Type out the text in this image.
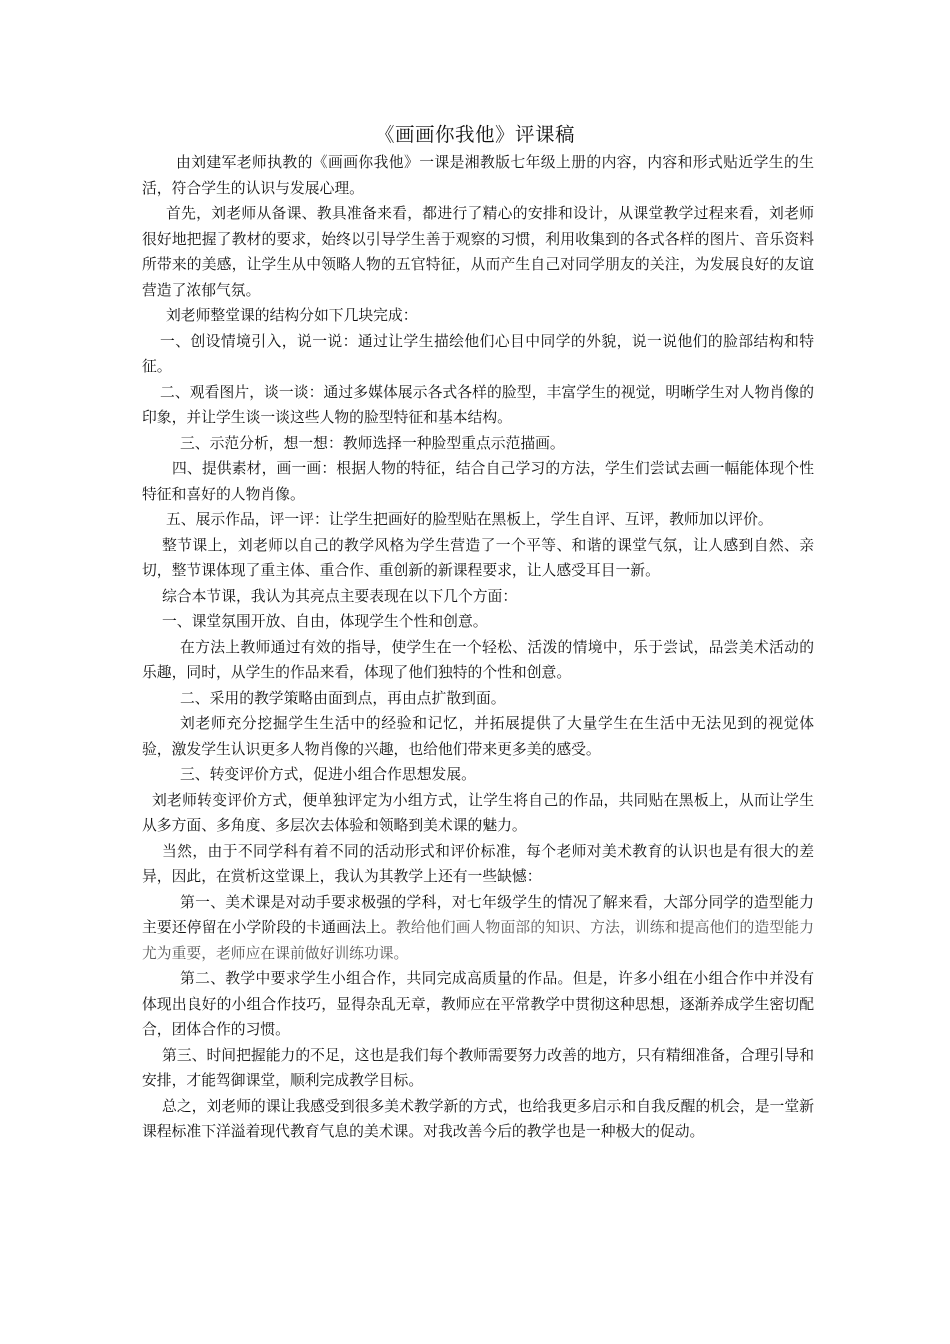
《画画你我他》评课稿

由刘建军老师执教的《画画你我他》一课是湘教版七年级上册的内容，内容和形式贴近学生的生活，符合学生的认识与发展心理。

首先，刘老师从备课、教具准备来看，都进行了精心的安排和设计，从课堂教学过程来看，刘老师很好地把握了教材的要求，始终以引导学生善于观察的习惯，利用收集到的各式各样的图片、音乐资料所带来的美感，让学生从中领略人物的五官特征，从而产生自己对同学朋友的关注，为发展良好的友谊营造了浓郁气氛。

刘老师整堂课的结构分如下几块完成：

一、创设情境引入，说一说：通过让学生描绘他们心目中同学的外貌，说一说他们的脸部结构和特征。

二、观看图片，谈一谈：通过多媒体展示各式各样的脸型，丰富学生的视觉，明晰学生对人物肖像的印象，并让学生谈一谈这些人物的脸型特征和基本结构。

三、示范分析，想一想：教师选择一种脸型重点示范描画。

四、提供素材，画一画：根据人物的特征，结合自己学习的方法，学生们尝试去画一幅能体现个性特征和喜好的人物肖像。

五、展示作品，评一评：让学生把画好的脸型贴在黑板上，学生自评、互评，教师加以评价。

整节课上，刘老师以自己的教学风格为学生营造了一个平等、和谐的课堂气氛，让人感到自然、亲切，整节课体现了重主体、重合作、重创新的新课程要求，让人感受耳目一新。

综合本节课，我认为其亮点主要表现在以下几个方面：

一、课堂氛围开放、自由，体现学生个性和创意。

在方法上教师通过有效的指导，使学生在一个轻松、活泼的情境中，乐于尝试，品尝美术活动的乐趣，同时，从学生的作品来看，体现了他们独特的个性和创意。

二、采用的教学策略由面到点，再由点扩散到面。

刘老师充分挖掘学生生活中的经验和记忆，并拓展提供了大量学生在生活中无法见到的视觉体验，激发学生认识更多人物肖像的兴趣，也给他们带来更多美的感受。

三、转变评价方式，促进小组合作思想发展。

刘老师转变评价方式，便单独评定为小组方式，让学生将自己的作品，共同贴在黑板上，从而让学生从多方面、多角度、多层次去体验和领略到美术课的魅力。

当然，由于不同学科有着不同的活动形式和评价标准，每个老师对美术教育的认识也是有很大的差异，因此，在赏析这堂课上，我认为其教学上还有一些缺憾：

第一、美术课是对动手要求极强的学科，对七年级学生的情况了解来看，大部分同学的造型能力主要还停留在小学阶段的卡通画法上。教给他们画人物面部的知识、方法，训练和提高他们的造型能力尤为重要，老师应在课前做好训练功课。

第二、教学中要求学生小组合作，共同完成高质量的作品。但是，许多小组在小组合作中并没有体现出良好的小组合作技巧，显得杂乱无章，教师应在平常教学中贯彻这种思想，逐渐养成学生密切配合，团体合作的习惯。

第三、时间把握能力的不足，这也是我们每个教师需要努力改善的地方，只有精细准备，合理引导和安排，才能驾御课堂，顺利完成教学目标。

总之，刘老师的课让我感受到很多美术教学新的方式，也给我更多启示和自我反醒的机会，是一堂新课程标准下洋溢着现代教育气息的美术课。对我改善今后的教学也是一种极大的促动。
